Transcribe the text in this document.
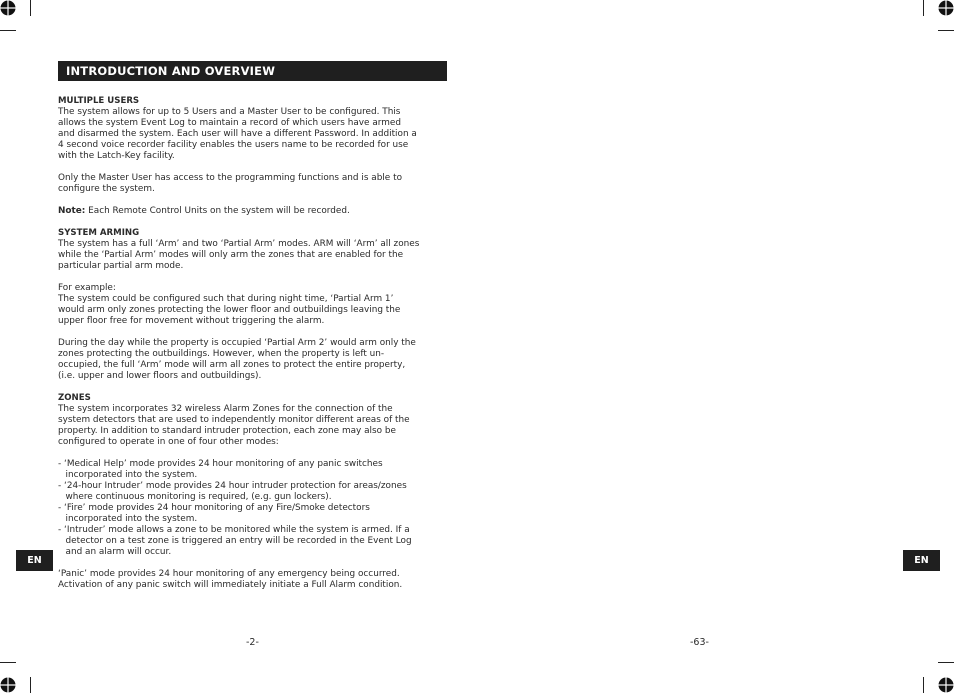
INTRODUCTION AND OVERVIEW

MULTIPLE USERS

The system allows for up to 5 Users and a Master User to be configured. This

allows the system Event Log to maintain a record of which users have armed

and disarmed the system. Each user will have a different Password. In addition a

4 second voice recorder facility enables the users name to be recorded for use

with the Latch-Key facility.

Only the Master User has access to the programming functions and is able to

configure the system.

Note: Each Remote Control Units on the system will be recorded.

SYSTEM ARMING

The system has a full ‘Arm’ and two ‘Partial Arm’ modes. ARM will ‘Arm’ all zones

while the ‘Partial Arm’ modes will only arm the zones that are enabled for the

particular partial arm mode.

For example:

The system could be configured such that during night time, ‘Partial Arm 1’

would arm only zones protecting the lower floor and outbuildings leaving the

upper floor free for movement without triggering the alarm.

During the day while the property is occupied ‘Partial Arm 2’ would arm only the

zones protecting the outbuildings. However, when the property is left un-

occupied, the full ‘Arm’ mode will arm all zones to protect the entire property,

(i.e. upper and lower floors and outbuildings).

ZONES

The system incorporates 32 wireless Alarm Zones for the connection of the

system detectors that are used to independently monitor different areas of the

property. In addition to standard intruder protection, each zone may also be

configured to operate in one of four other modes:

- ‘Medical Help’ mode provides 24 hour monitoring of any panic switches

incorporated into the system.

- ‘24-hour Intruder’ mode provides 24 hour intruder protection for areas/zones

where continuous monitoring is required, (e.g. gun lockers).

- ‘Fire’ mode provides 24 hour monitoring of any Fire/Smoke detectors

incorporated into the system.

- ‘Intruder’ mode allows a zone to be monitored while the system is armed. If a

detector on a test zone is triggered an entry will be recorded in the Event Log

and an alarm will occur.

‘Panic’ mode provides 24 hour monitoring of any emergency being occurred.

Activation of any panic switch will immediately initiate a Full Alarm condition.

EN	EN
-2-	-63-
